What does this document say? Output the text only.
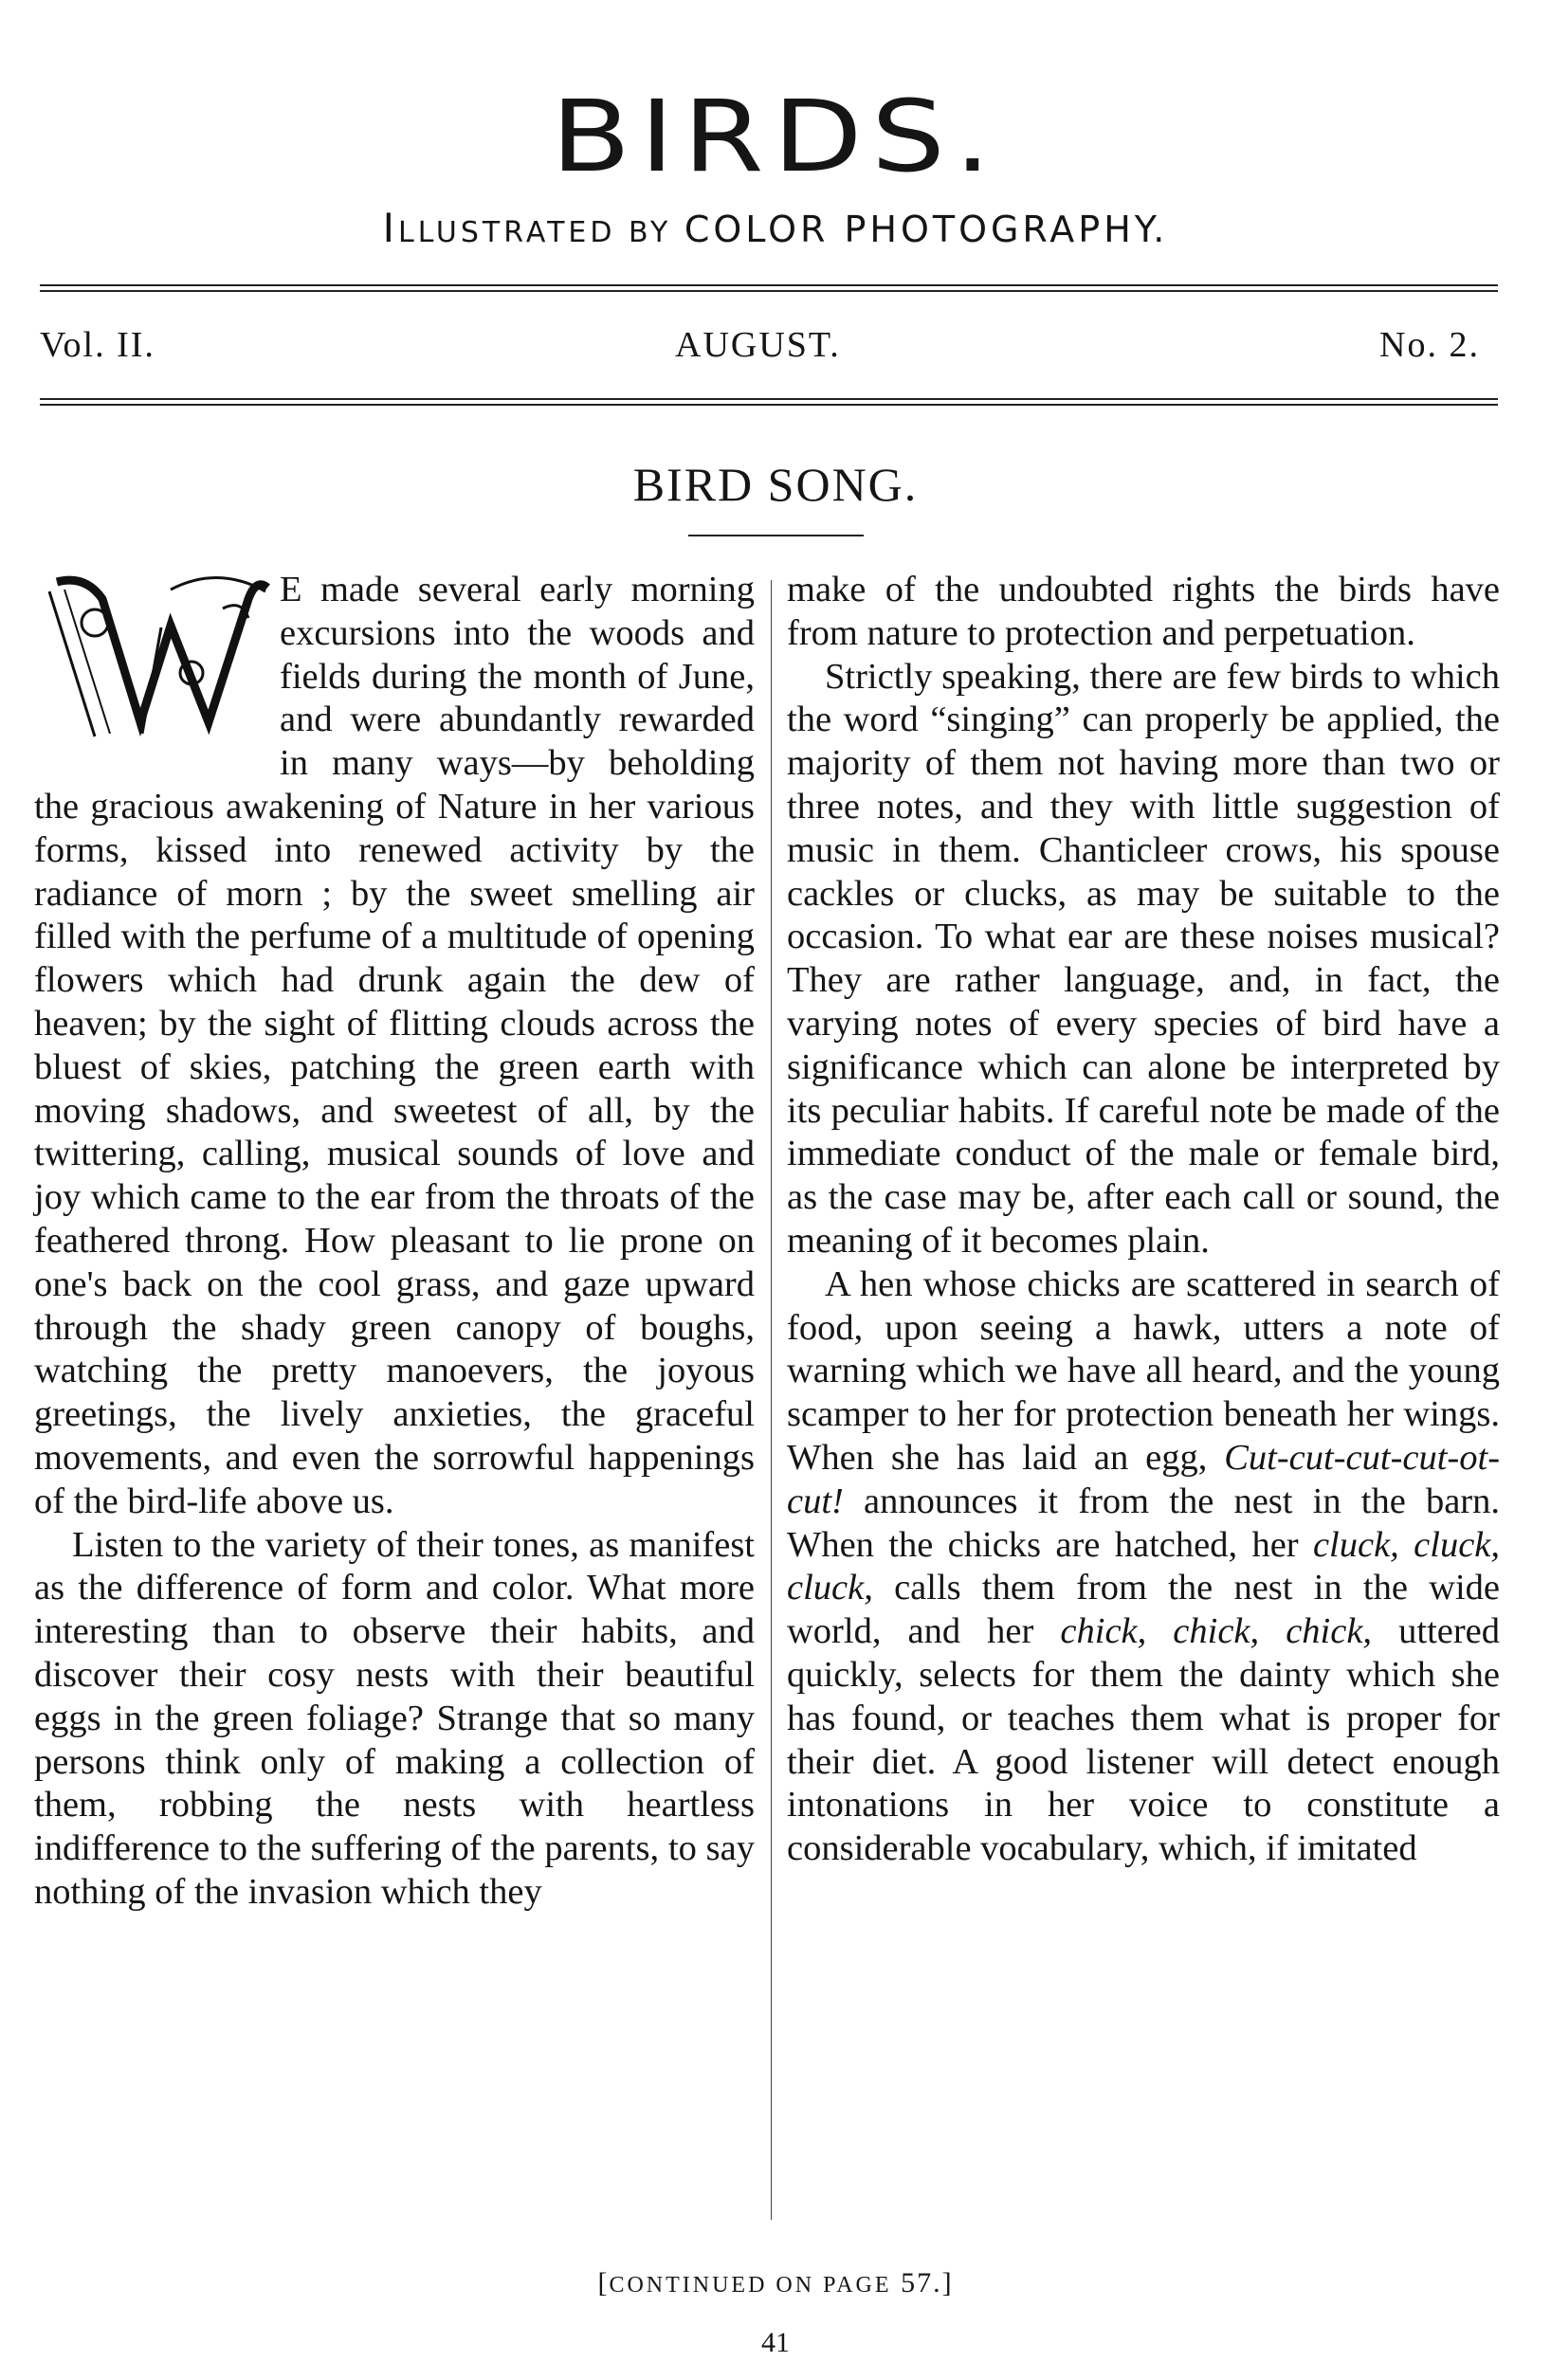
BIRDS.
ILLUSTRATED BY COLOR PHOTOGRAPHY.
Vol. II.	AUGUST.	No. 2.
BIRD SONG.

E made several early morning excursions into the woods and fields during the month of June, and were abundantly rewarded in many ways—by beholding the gracious awakening of Nature in her various forms, kissed into renewed activity by the radiance of morn ; by the sweet smelling air filled with the perfume of a multitude of opening flowers which had drunk again the dew of heaven; by the sight of flitting clouds across the bluest of skies, patching the green earth with moving shadows, and sweetest of all, by the twittering, calling, musical sounds of love and joy which came to the ear from the throats of the feathered throng. How pleasant to lie prone on one's back on the cool grass, and gaze upward through the shady green canopy of boughs, watching the pretty manoevers, the joyous greetings, the lively anxieties, the graceful movements, and even the sorrowful happenings of the bird-life above us.

Listen to the variety of their tones, as manifest as the difference of form and color. What more interesting than to observe their habits, and discover their cosy nests with their beautiful eggs in the green foliage? Strange that so many persons think only of making a collection of them, robbing the nests with heartless indifference to the suffering of the parents, to say nothing of the invasion which they

make of the undoubted rights the birds have from nature to protection and perpetuation.

Strictly speaking, there are few birds to which the word “singing” can properly be applied, the majority of them not having more than two or three notes, and they with little suggestion of music in them. Chanticleer crows, his spouse cackles or clucks, as may be suitable to the occasion. To what ear are these noises musical? They are rather language, and, in fact, the varying notes of every species of bird have a significance which can alone be interpreted by its peculiar habits. If careful note be made of the immediate conduct of the male or female bird, as the case may be, after each call or sound, the meaning of it becomes plain.

A hen whose chicks are scattered in search of food, upon seeing a hawk, utters a note of warning which we have all heard, and the young scamper to her for protection beneath her wings. When she has laid an egg, Cut-cut-cut-cut-ot-cut! announces it from the nest in the barn. When the chicks are hatched, her cluck, cluck, cluck, calls them from the nest in the wide world, and her chick, chick, chick, uttered quickly, selects for them the dainty which she has found, or teaches them what is proper for their diet. A good listener will detect enough intonations in her voice to constitute a considerable vocabulary, which, if imitated

[CONTINUED ON PAGE 57.]
41
